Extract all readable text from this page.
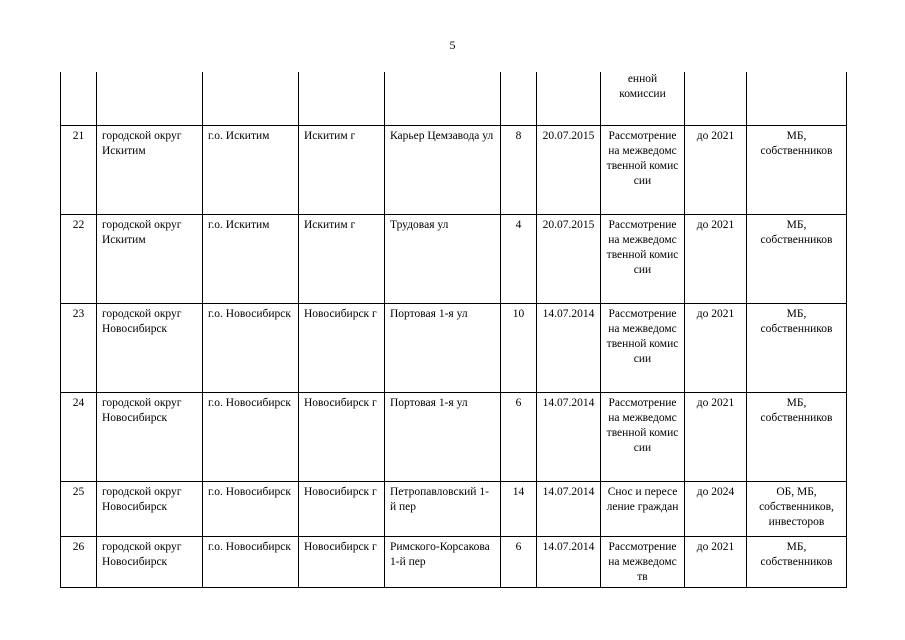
5
							енной
комиссии		
21	городской округ Искитим	г.о. Искитим	Искитим г	Карьер Цемзавода ул	8	20.07.2015	Рассмотрение на межведомственной комиссии	до 2021	МБ, собственников
22	городской округ Искитим	г.о. Искитим	Искитим г	Трудовая ул	4	20.07.2015	Рассмотрение на межведомственной комиссии	до 2021	МБ, собственников
23	городской округ Новосибирск	г.о. Новосибирск	Новосибирск г	Портовая 1-я ул	10	14.07.2014	Рассмотрение на межведомственной комиссии	до 2021	МБ, собственников
24	городской округ Новосибирск	г.о. Новосибирск	Новосибирск г	Портовая 1-я ул	6	14.07.2014	Рассмотрение на межведомственной комиссии	до 2021	МБ, собственников
25	городской округ Новосибирск	г.о. Новосибирск	Новосибирск г	Петропавловский 1-й пер	14	14.07.2014	Снос и переселение граждан	до 2024	ОБ, МБ, собственников, инвесторов
26	городской округ Новосибирск	г.о. Новосибирск	Новосибирск г	Римского-Корсакова 1-й пер	6	14.07.2014	Рассмотрение на межведомств	до 2021	МБ, собственников
